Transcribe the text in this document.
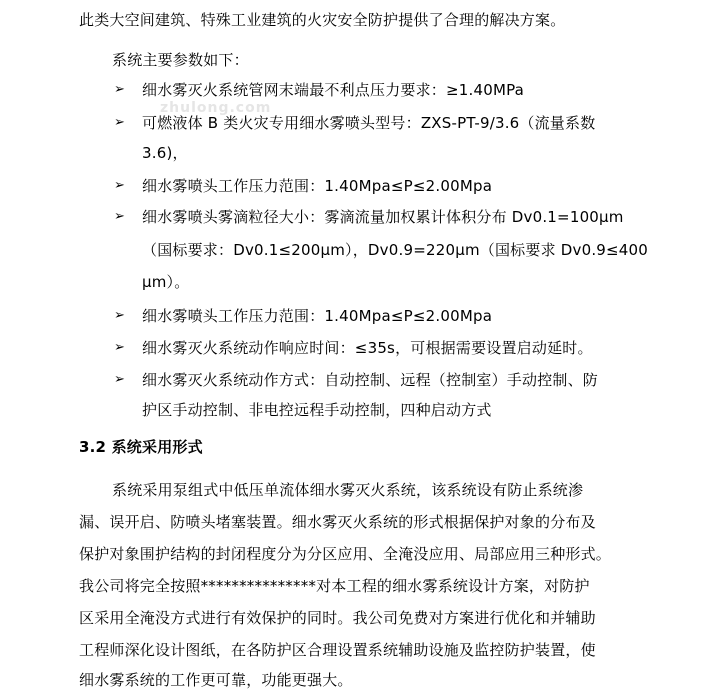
此类大空间建筑、特殊工业建筑的火灾安全防护提供了合理的解决方案。
系统主要参数如下：
zhulong.com
➢ 细水雾灭火系统管网末端最不利点压力要求：≥1.40MPa
➢ 可燃液体 B 类火灾专用细水雾喷头型号：ZXS-PT-9/3.6（流量系数
3.6)，
➢ 细水雾喷头工作压力范围：1.40Mpa≤P≤2.00Mpa
➢ 细水雾喷头雾滴粒径大小：雾滴流量加权累计体积分布 Dv0.1=100μm
（国标要求：Dv0.1≤200μm），Dv0.9=220μm（国标要求 Dv0.9≤400
μm）。
➢ 细水雾喷头工作压力范围：1.40Mpa≤P≤2.00Mpa
➢ 细水雾灭火系统动作响应时间：≤35s，可根据需要设置启动延时。
➢ 细水雾灭火系统动作方式：自动控制、远程（控制室）手动控制、防
护区手动控制、非电控远程手动控制，四种启动方式
3.2 系统采用形式
系统采用泵组式中低压单流体细水雾灭火系统，该系统设有防止系统渗
漏、误开启、防喷头堵塞装置。细水雾灭火系统的形式根据保护对象的分布及
保护对象围护结构的封闭程度分为分区应用、全淹没应用、局部应用三种形式。
我公司将完全按照***************对本工程的细水雾系统设计方案，对防护
区采用全淹没方式进行有效保护的同时。我公司免费对方案进行优化和并辅助
工程师深化设计图纸，在各防护区合理设置系统辅助设施及监控防护装置，使
细水雾系统的工作更可靠，功能更强大。
